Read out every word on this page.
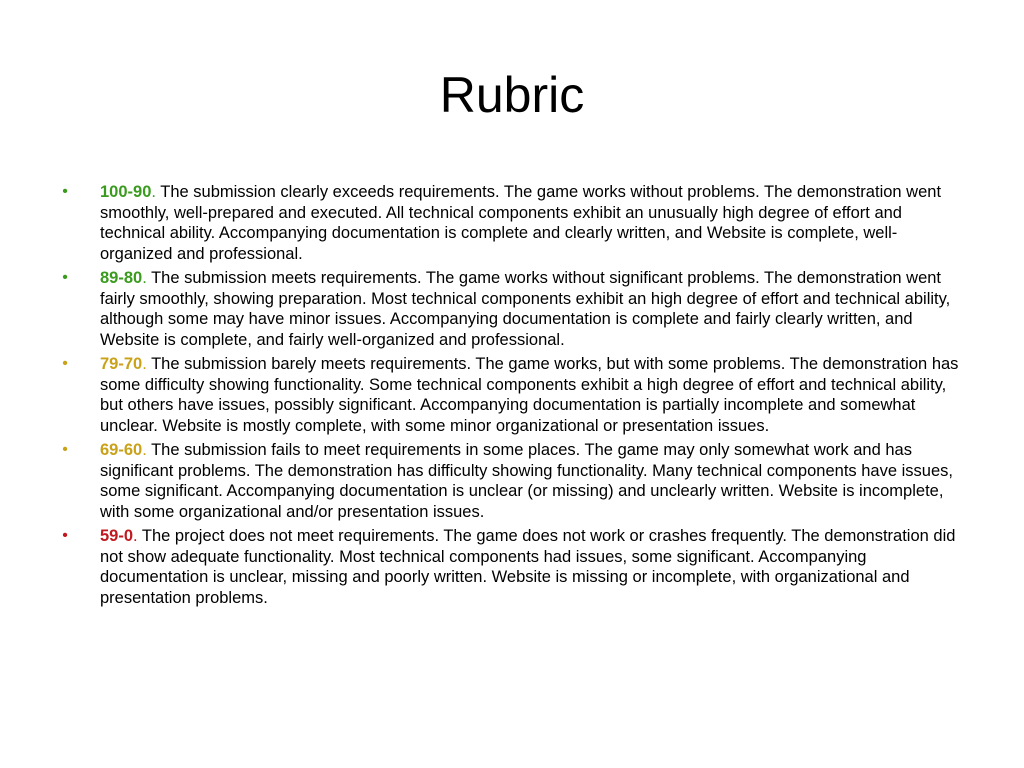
Rubric
•	100-90. The submission clearly exceeds requirements. The game works without problems. The demonstration went smoothly, well-prepared and executed. All technical components exhibit an unusually high degree of effort and technical ability. Accompanying documentation is complete and clearly written, and Website is complete, well-organized and professional.
•	89-80. The submission meets requirements. The game works without significant problems. The demonstration went fairly smoothly, showing preparation. Most technical components exhibit an high degree of effort and technical ability, although some may have minor issues. Accompanying documentation is complete and fairly clearly written, and Website is complete, and fairly well-organized and professional.
•	79-70. The submission barely meets requirements. The game works, but with some problems. The demonstration has some difficulty showing functionality. Some technical components exhibit a high degree of effort and technical ability, but others have issues, possibly significant. Accompanying documentation is partially incomplete and somewhat unclear. Website is mostly complete, with some minor organizational or presentation issues.
•	69-60. The submission fails to meet requirements in some places. The game may only somewhat work and has significant problems. The demonstration has difficulty showing functionality. Many technical components have issues, some significant. Accompanying documentation is unclear (or missing) and unclearly written. Website is incomplete, with some organizational and/or presentation issues.
•	59-0. The project does not meet requirements. The game does not work or crashes frequently. The demonstration did not show adequate functionality. Most technical components had issues, some significant. Accompanying documentation is unclear, missing and poorly written. Website is missing or incomplete, with organizational and presentation problems.
